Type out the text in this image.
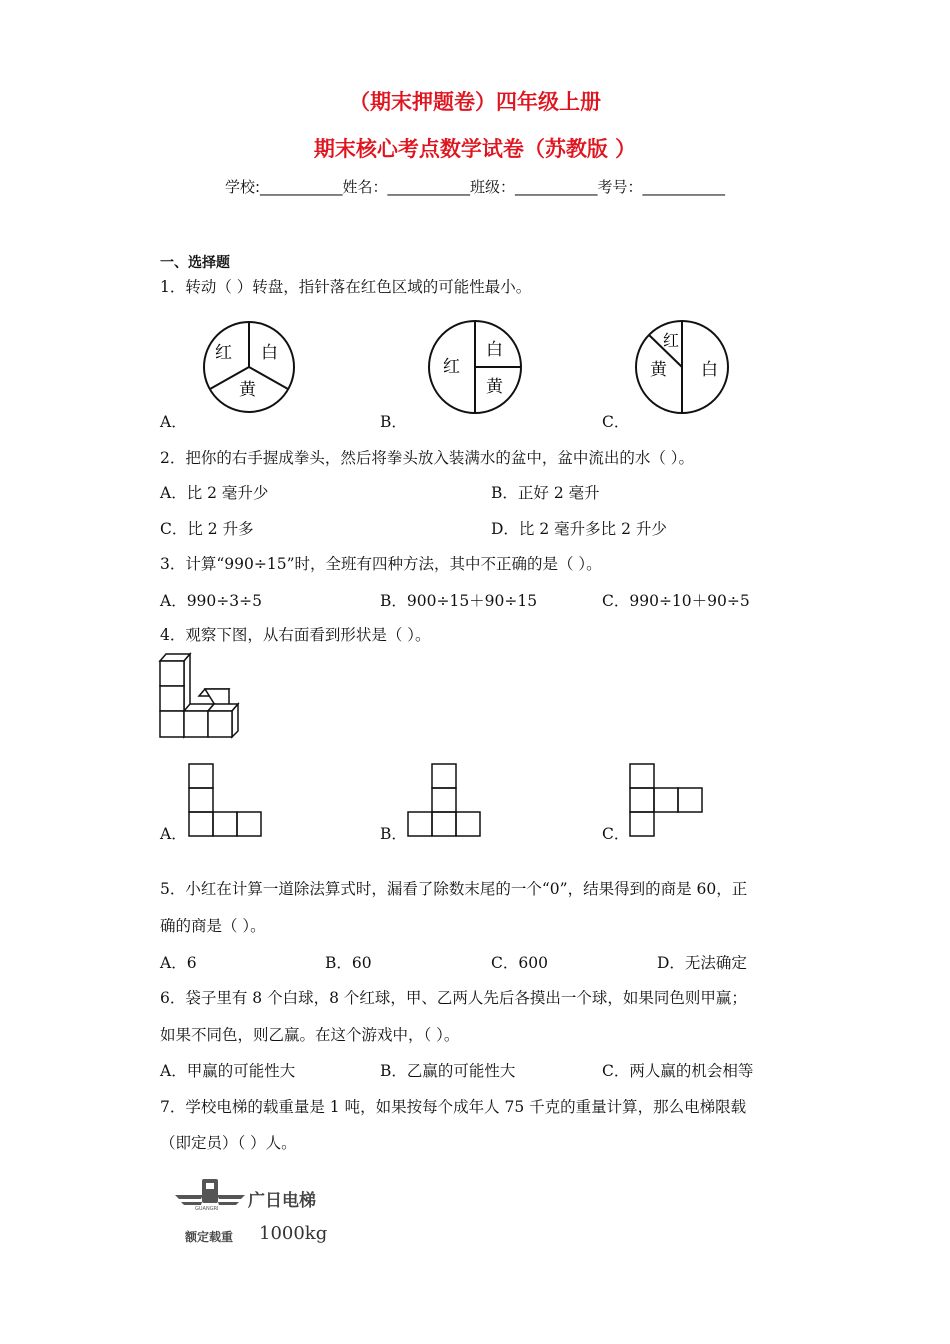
（期末押题卷）四年级上册
期末核心考点数学试卷（苏教版 ）
学校:___________姓名：___________班级：___________考号：___________
一、选择题
1．转动（ ）转盘，指针落在红色区域的可能性最小。
红 白
黄
红
白
黄
红
黄 白
A．	B．	C．
2．把你的右手握成拳头，然后将拳头放入装满水的盆中，盆中流出的水（ ）。
A．比 2 毫升少	B．正好 2 毫升
C．比 2 升多	D．比 2 毫升多比 2 升少
3．计算“990÷15”时，全班有四种方法，其中不正确的是（ ）。
A．990÷3÷5	B．900÷15＋90÷15	C．990÷10＋90÷5
4．观察下图，从右面看到形状是（ ）。
A．	B．	C．
5．小红在计算一道除法算式时，漏看了除数末尾的一个“0”，结果得到的商是 60，正
确的商是（ ）。
A．6	B．60	C．600	D．无法确定
6．袋子里有 8 个白球，8 个红球，甲、乙两人先后各摸出一个球，如果同色则甲赢；
如果不同色，则乙赢。在这个游戏中，（ ）。
A．甲赢的可能性大	B．乙赢的可能性大	C．两人赢的机会相等
7．学校电梯的载重量是 1 吨，如果按每个成年人 75 千克的重量计算，那么电梯限载
（即定员）（ ）人。
GUANGRI 广日电梯
额定载重 1000kg
